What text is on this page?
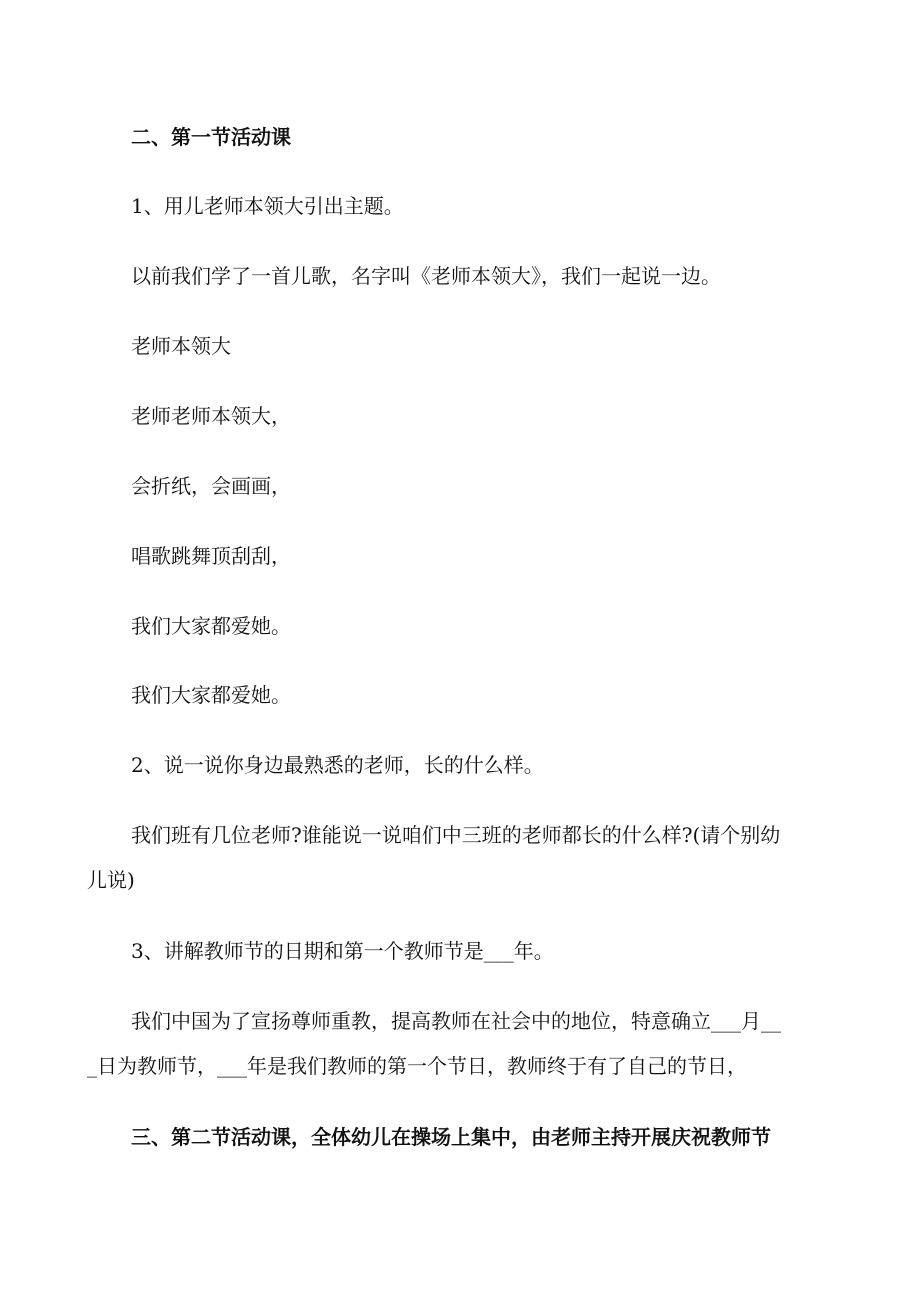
二、第一节活动课

1、用儿老师本领大引出主题。

以前我们学了一首儿歌，名字叫《老师本领大》，我们一起说一边。

老师本领大

老师老师本领大，

会折纸，会画画，

唱歌跳舞顶刮刮，

我们大家都爱她。

我们大家都爱她。

2、说一说你身边最熟悉的老师，长的什么样。

我们班有几位老师?谁能说一说咱们中三班的老师都长的什么样?(请个别幼

儿说)

3、讲解教师节的日期和第一个教师节是___年。

我们中国为了宣扬尊师重教，提高教师在社会中的地位，特意确立___月__

_日为教师节，___年是我们教师的第一个节日，教师终于有了自己的节日，

三、第二节活动课，全体幼儿在操场上集中，由老师主持开展庆祝教师节
